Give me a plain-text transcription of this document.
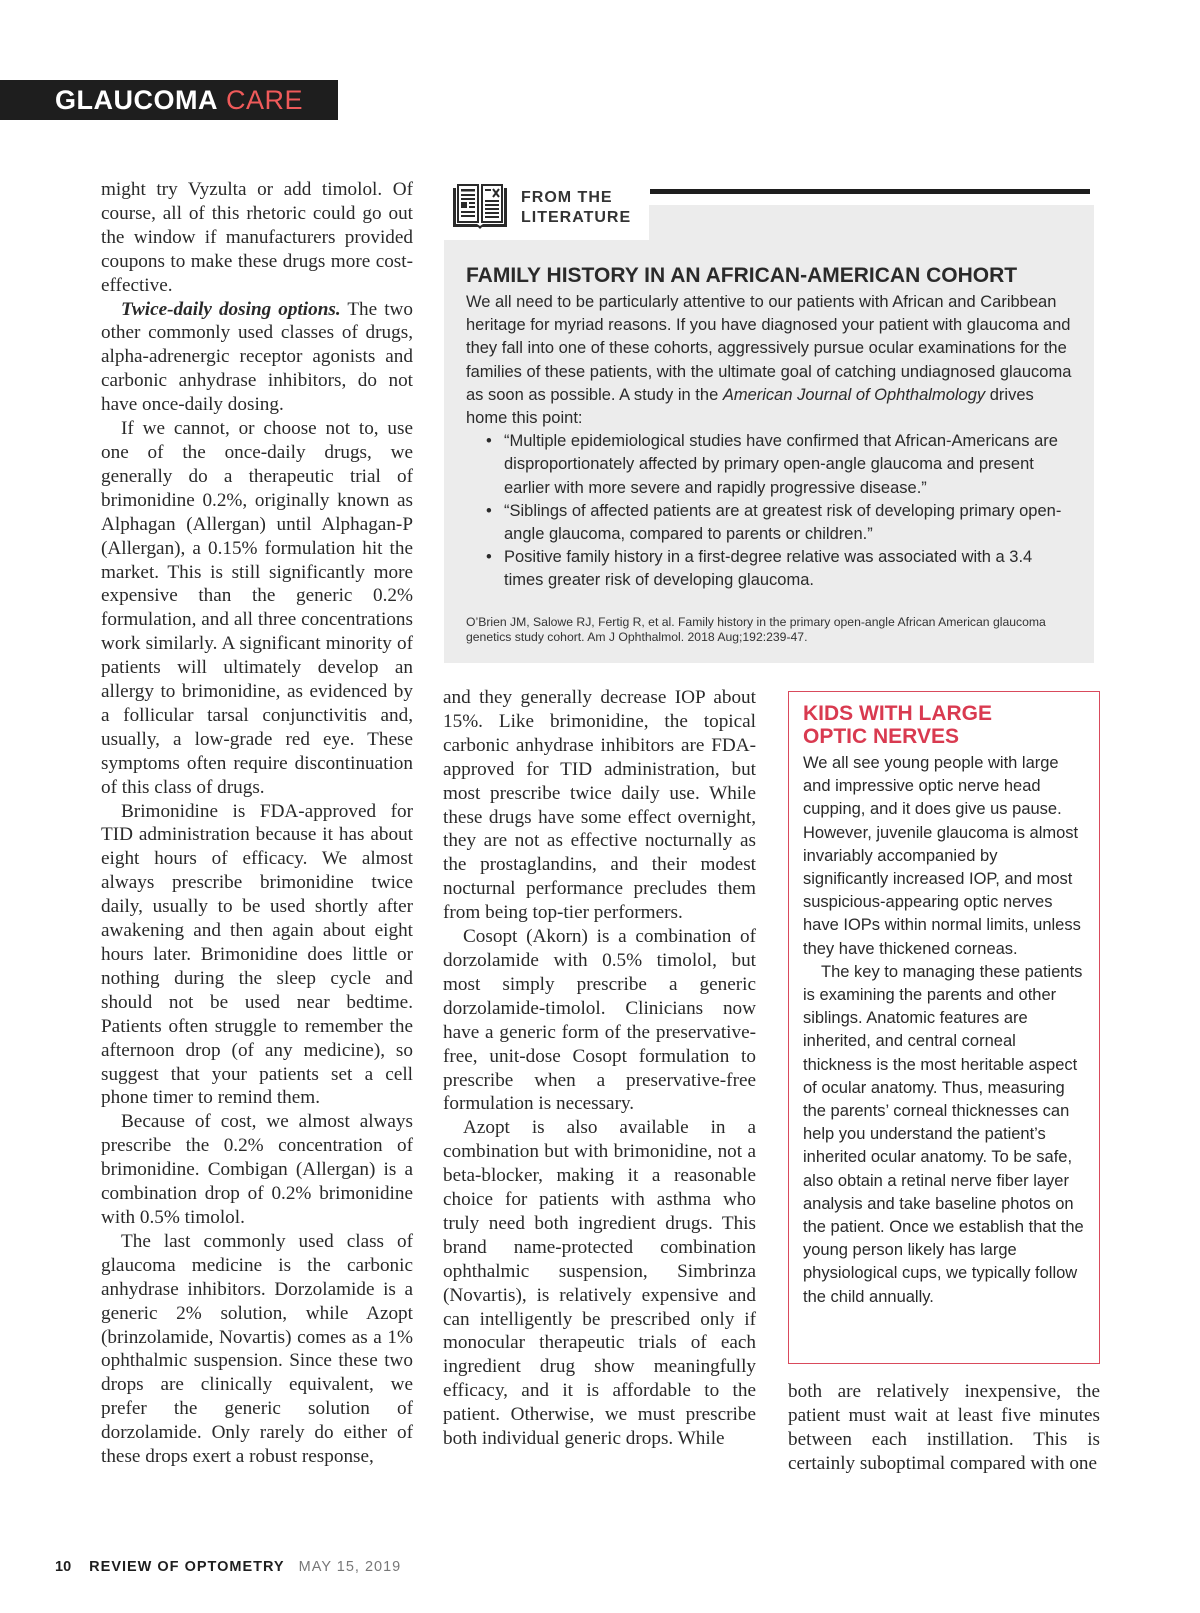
GLAUCOMA CARE

might try Vyzulta or add timolol. Of course, all of this rhetoric could go out the window if manufacturers provided coupons to make these drugs more cost-effective.

Twice-daily dosing options. The two other commonly used classes of drugs, alpha-adrenergic receptor agonists and carbonic anhydrase inhibitors, do not have once-daily dosing.

If we cannot, or choose not to, use one of the once-daily drugs, we generally do a therapeutic trial of brimonidine 0.2%, originally known as Alphagan (Allergan) until Alphagan-P (Allergan), a 0.15% formulation hit the market. This is still significantly more expensive than the generic 0.2% formulation, and all three concentrations work similarly. A significant minority of patients will ultimately develop an allergy to brimonidine, as evidenced by a follicular tarsal conjunctivitis and, usually, a low-grade red eye. These symptoms often require discontinuation of this class of drugs.

Brimonidine is FDA-approved for TID administration because it has about eight hours of efficacy. We almost always prescribe brimonidine twice daily, usually to be used shortly after awakening and then again about eight hours later. Brimonidine does little or nothing during the sleep cycle and should not be used near bedtime. Patients often struggle to remember the afternoon drop (of any medicine), so suggest that your patients set a cell phone timer to remind them.

Because of cost, we almost always prescribe the 0.2% concentration of brimonidine. Combigan (Allergan) is a combination drop of 0.2% brimonidine with 0.5% timolol.

The last commonly used class of glaucoma medicine is the carbonic anhydrase inhibitors. Dorzolamide is a generic 2% solution, while Azopt (brinzolamide, Novartis) comes as a 1% ophthalmic suspension. Since these two drops are clinically equivalent, we prefer the generic solution of dorzolamide. Only rarely do either of these drops exert a robust response,

FAMILY HISTORY IN AN AFRICAN-AMERICAN COHORT

We all need to be particularly attentive to our patients with African and Caribbean heritage for myriad reasons. If you have diagnosed your patient with glaucoma and they fall into one of these cohorts, aggressively pursue ocular examinations for the families of these patients, with the ultimate goal of catching undiagnosed glaucoma as soon as possible. A study in the American Journal of Ophthalmology drives home this point:

• “Multiple epidemiological studies have confirmed that African-Americans are disproportionately affected by primary open-angle glaucoma and present earlier with more severe and rapidly progressive disease.”
• “Siblings of affected patients are at greatest risk of developing primary open-angle glaucoma, compared to parents or children.”
• Positive family history in a first-degree relative was associated with a 3.4 times greater risk of developing glaucoma.
O’Brien JM, Salowe RJ, Fertig R, et al. Family history in the primary open-angle African American glaucoma genetics study cohort. Am J Ophthalmol. 2018 Aug;192:239-47.
FROM THE
LITERATURE

and they generally decrease IOP about 15%. Like brimonidine, the topical carbonic anhydrase inhibitors are FDA-approved for TID administration, but most prescribe twice daily use. While these drugs have some effect overnight, they are not as effective nocturnally as the prostaglandins, and their modest nocturnal performance precludes them from being top-tier performers.

Cosopt (Akorn) is a combination of dorzolamide with 0.5% timolol, but most simply prescribe a generic dorzolamide-timolol. Clinicians now have a generic form of the preservative-free, unit-dose Cosopt formulation to prescribe when a preservative-free formulation is necessary.

Azopt is also available in a combination but with brimonidine, not a beta-blocker, making it a reasonable choice for patients with asthma who truly need both ingredient drugs. This brand name-protected combination ophthalmic suspension, Simbrinza (Novartis), is relatively expensive and can intelligently be prescribed only if monocular therapeutic trials of each ingredient drug show meaningfully efficacy, and it is affordable to the patient. Otherwise, we must prescribe both individual generic drops. While

KIDS WITH LARGE
OPTIC NERVES

We all see young people with large and impressive optic nerve head cupping, and it does give us pause. However, juvenile glaucoma is almost invariably accompanied by significantly increased IOP, and most suspicious-appearing optic nerves have IOPs within normal limits, unless they have thickened corneas.

The key to managing these patients is examining the parents and other siblings. Anatomic features are inherited, and central corneal thickness is the most heritable aspect of ocular anatomy. Thus, measuring the parents’ corneal thicknesses can help you understand the patient’s inherited ocular anatomy. To be safe, also obtain a retinal nerve fiber layer analysis and take baseline photos on the patient. Once we establish that the young person likely has large physiological cups, we typically follow the child annually.

both are relatively inexpensive, the patient must wait at least five minutes between each instillation. This is certainly suboptimal compared with one

10 REVIEW OF OPTOMETRY MAY 15, 2019
